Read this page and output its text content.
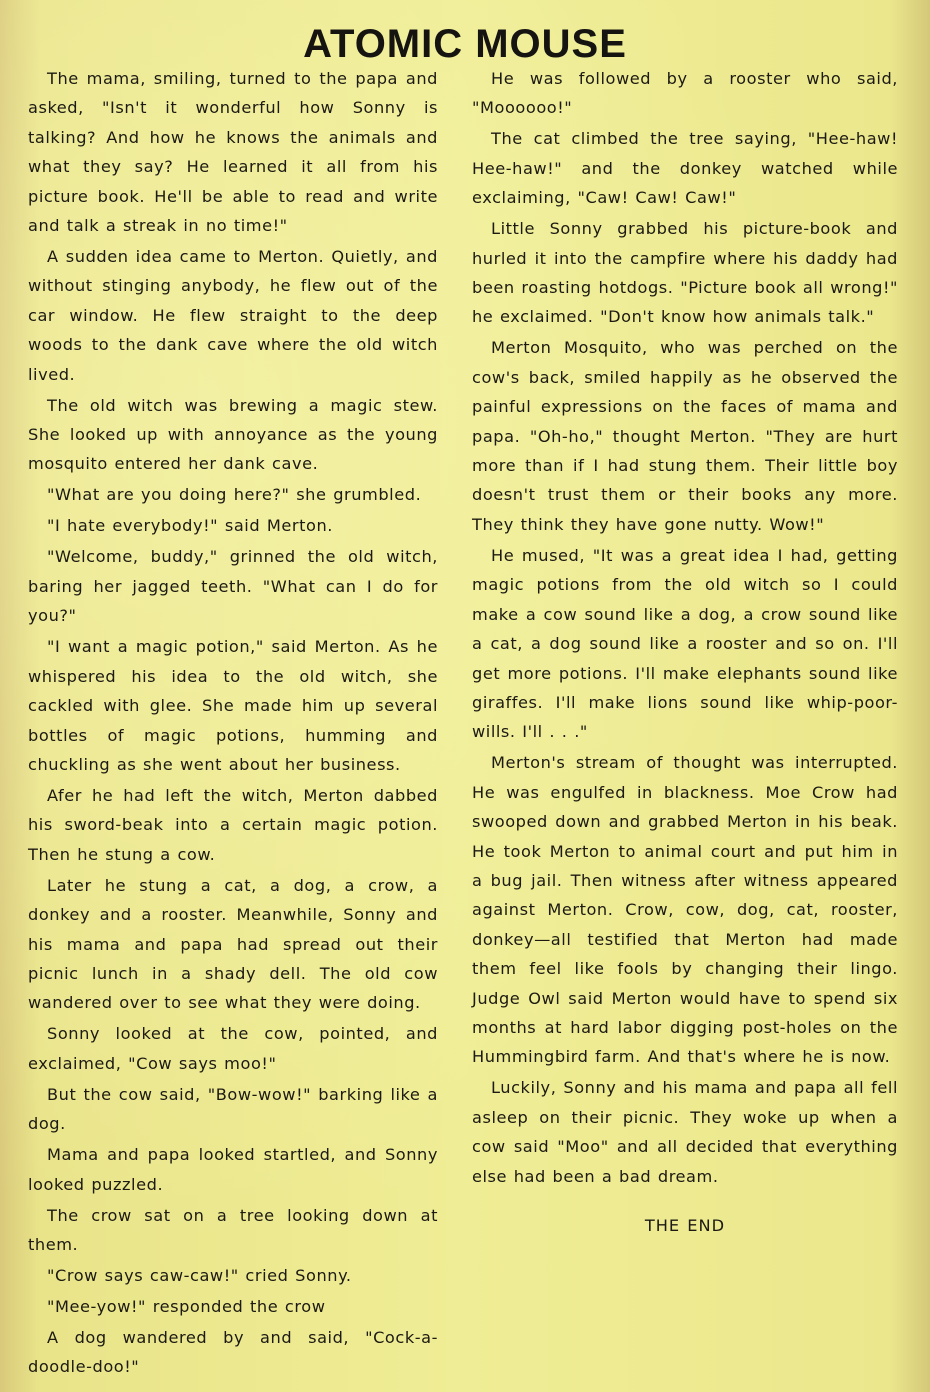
ATOMIC MOUSE

The mama, smiling, turned to the papa and asked, "Isn't it wonderful how Sonny is talking? And how he knows the animals and what they say? He learned it all from his picture book. He'll be able to read and write and talk a streak in no time!"

A sudden idea came to Merton. Quietly, and without stinging anybody, he flew out of the car window. He flew straight to the deep woods to the dank cave where the old witch lived.

The old witch was brewing a magic stew. She looked up with annoyance as the young mosquito entered her dank cave.

"What are you doing here?" she grumbled.

"I hate everybody!" said Merton.

"Welcome, buddy," grinned the old witch, baring her jagged teeth. "What can I do for you?"

"I want a magic potion," said Merton. As he whispered his idea to the old witch, she cackled with glee. She made him up several bottles of magic potions, humming and chuckling as she went about her business.

Afer he had left the witch, Merton dabbed his sword-beak into a certain magic potion. Then he stung a cow.

Later he stung a cat, a dog, a crow, a donkey and a rooster. Meanwhile, Sonny and his mama and papa had spread out their picnic lunch in a shady dell. The old cow wandered over to see what they were doing.

Sonny looked at the cow, pointed, and exclaimed, "Cow says moo!"

But the cow said, "Bow-wow!" barking like a dog.

Mama and papa looked startled, and Sonny looked puzzled.

The crow sat on a tree looking down at them.

"Crow says caw-caw!" cried Sonny.

"Mee-yow!" responded the crow

A dog wandered by and said, "Cock-a-doodle-doo!"

He was followed by a rooster who said, "Moooooo!"

The cat climbed the tree saying, "Hee-haw! Hee-haw!" and the donkey watched while exclaiming, "Caw! Caw! Caw!"

Little Sonny grabbed his picture-book and hurled it into the campfire where his daddy had been roasting hotdogs. "Picture book all wrong!" he exclaimed. "Don't know how animals talk."

Merton Mosquito, who was perched on the cow's back, smiled happily as he observed the painful expressions on the faces of mama and papa. "Oh-ho," thought Merton. "They are hurt more than if I had stung them. Their little boy doesn't trust them or their books any more. They think they have gone nutty. Wow!"

He mused, "It was a great idea I had, getting magic potions from the old witch so I could make a cow sound like a dog, a crow sound like a cat, a dog sound like a rooster and so on. I'll get more potions. I'll make elephants sound like giraffes. I'll make lions sound like whip-poor-wills. I'll . . ."

Merton's stream of thought was interrupted. He was engulfed in blackness. Moe Crow had swooped down and grabbed Merton in his beak. He took Merton to animal court and put him in a bug jail. Then witness after witness appeared against Merton. Crow, cow, dog, cat, rooster, donkey—all testified that Merton had made them feel like fools by changing their lingo. Judge Owl said Merton would have to spend six months at hard labor digging post-holes on the Hummingbird farm. And that's where he is now.

Luckily, Sonny and his mama and papa all fell asleep on their picnic. They woke up when a cow said "Moo" and all decided that everything else had been a bad dream.

THE END
